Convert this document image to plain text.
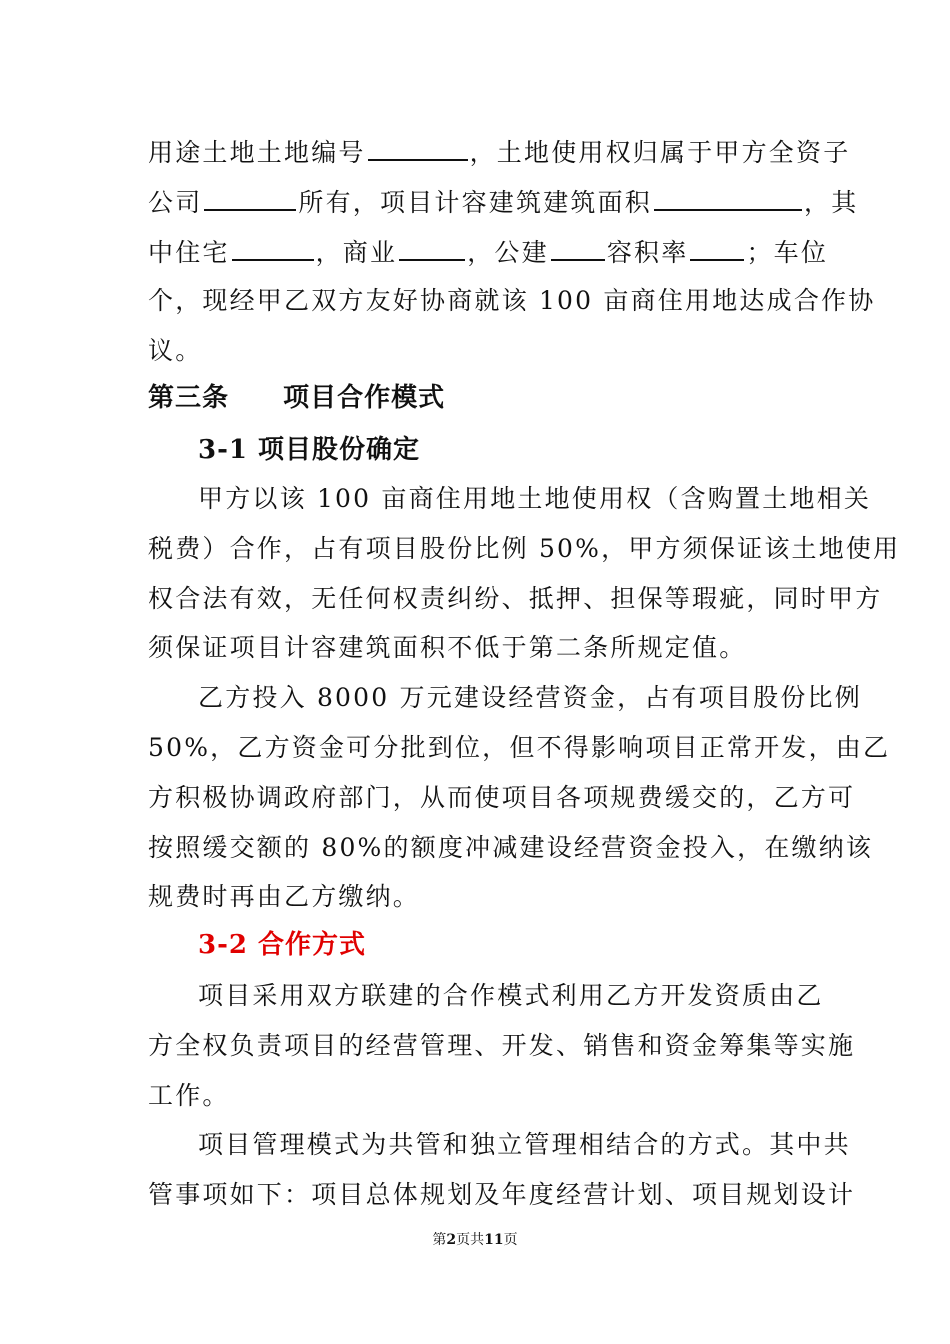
用途土地土地编号	，土地使用权归属于甲方全资子
公司	所有，项目计容建筑建筑面积	，其
中住宅	，商业	，公建 容积率 ；车位
个，现经甲乙双方友好协商就该 100 亩商住用地达成合作协
议。
第三条 项目合作模式
3-1 项目股份确定
甲方以该 100 亩商住用地土地使用权（含购置土地相关
税费）合作，占有项目股份比例 50%，甲方须保证该土地使用
权合法有效，无任何权责纠纷、抵押、担保等瑕疵，同时甲方
须保证项目计容建筑面积不低于第二条所规定值。
乙方投入 8000 万元建设经营资金，占有项目股份比例
50%，乙方资金可分批到位，但不得影响项目正常开发，由乙
方积极协调政府部门，从而使项目各项规费缓交的，乙方可
按照缓交额的 80%的额度冲减建设经营资金投入，在缴纳该
规费时再由乙方缴纳。
3-2 合作方式
项目采用双方联建的合作模式利用乙方开发资质由乙
方全权负责项目的经营管理、开发、销售和资金筹集等实施
工作。
项目管理模式为共管和独立管理相结合的方式。其中共
管事项如下：项目总体规划及年度经营计划、项目规划设计
第2页共11页
